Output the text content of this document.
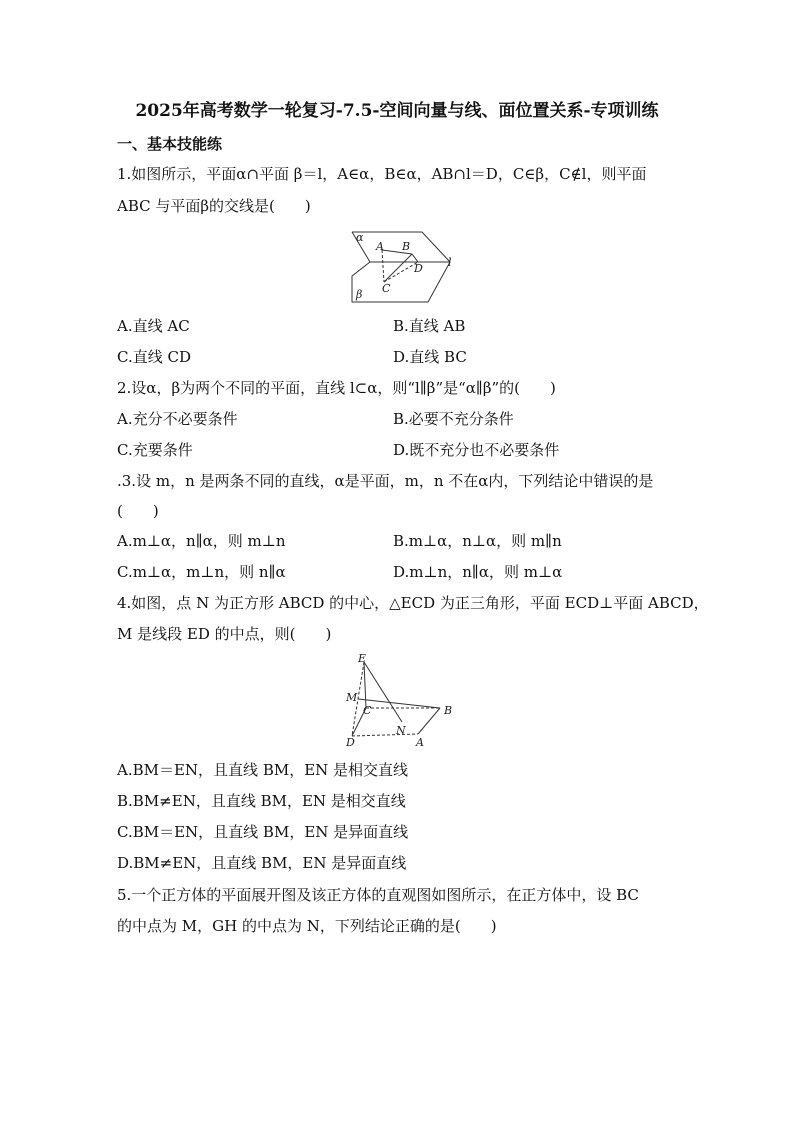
2025年高考数学一轮复习-7.5-空间向量与线、面位置关系-专项训练
一、基本技能练
1.如图所示，平面α∩平面 β＝l，A∈α，B∈α，AB∩l＝D，C∈β，C∉l，则平面
ABC 与平面β的交线是(　　)
α
A B
D l
C
β
A.直线 AC	B.直线 AB
C.直线 CD	D.直线 BC
2.设α，β为两个不同的平面，直线 l⊂α，则“l∥β”是“α∥β”的(　　)
A.充分不必要条件	B.必要不充分条件
C.充要条件	D.既不充分也不必要条件
.3.设 m，n 是两条不同的直线，α是平面，m，n 不在α内，下列结论中错误的是
(　　)
A.m⊥α，n∥α，则 m⊥n	B.m⊥α，n⊥α，则 m∥n
C.m⊥α，m⊥n，则 n∥α	D.m⊥n，n∥α，则 m⊥α
4.如图，点 N 为正方形 ABCD 的中心，△ECD 为正三角形，平面 ECD⊥平面 ABCD，
M 是线段 ED 的中点，则(　　)
E
M
C
N
B
D	A
A.BM＝EN，且直线 BM，EN 是相交直线
B.BM≠EN，且直线 BM，EN 是相交直线
C.BM＝EN，且直线 BM，EN 是异面直线
D.BM≠EN，且直线 BM，EN 是异面直线
5.一个正方体的平面展开图及该正方体的直观图如图所示，在正方体中，设 BC
的中点为 M，GH 的中点为 N，下列结论正确的是(　　)
